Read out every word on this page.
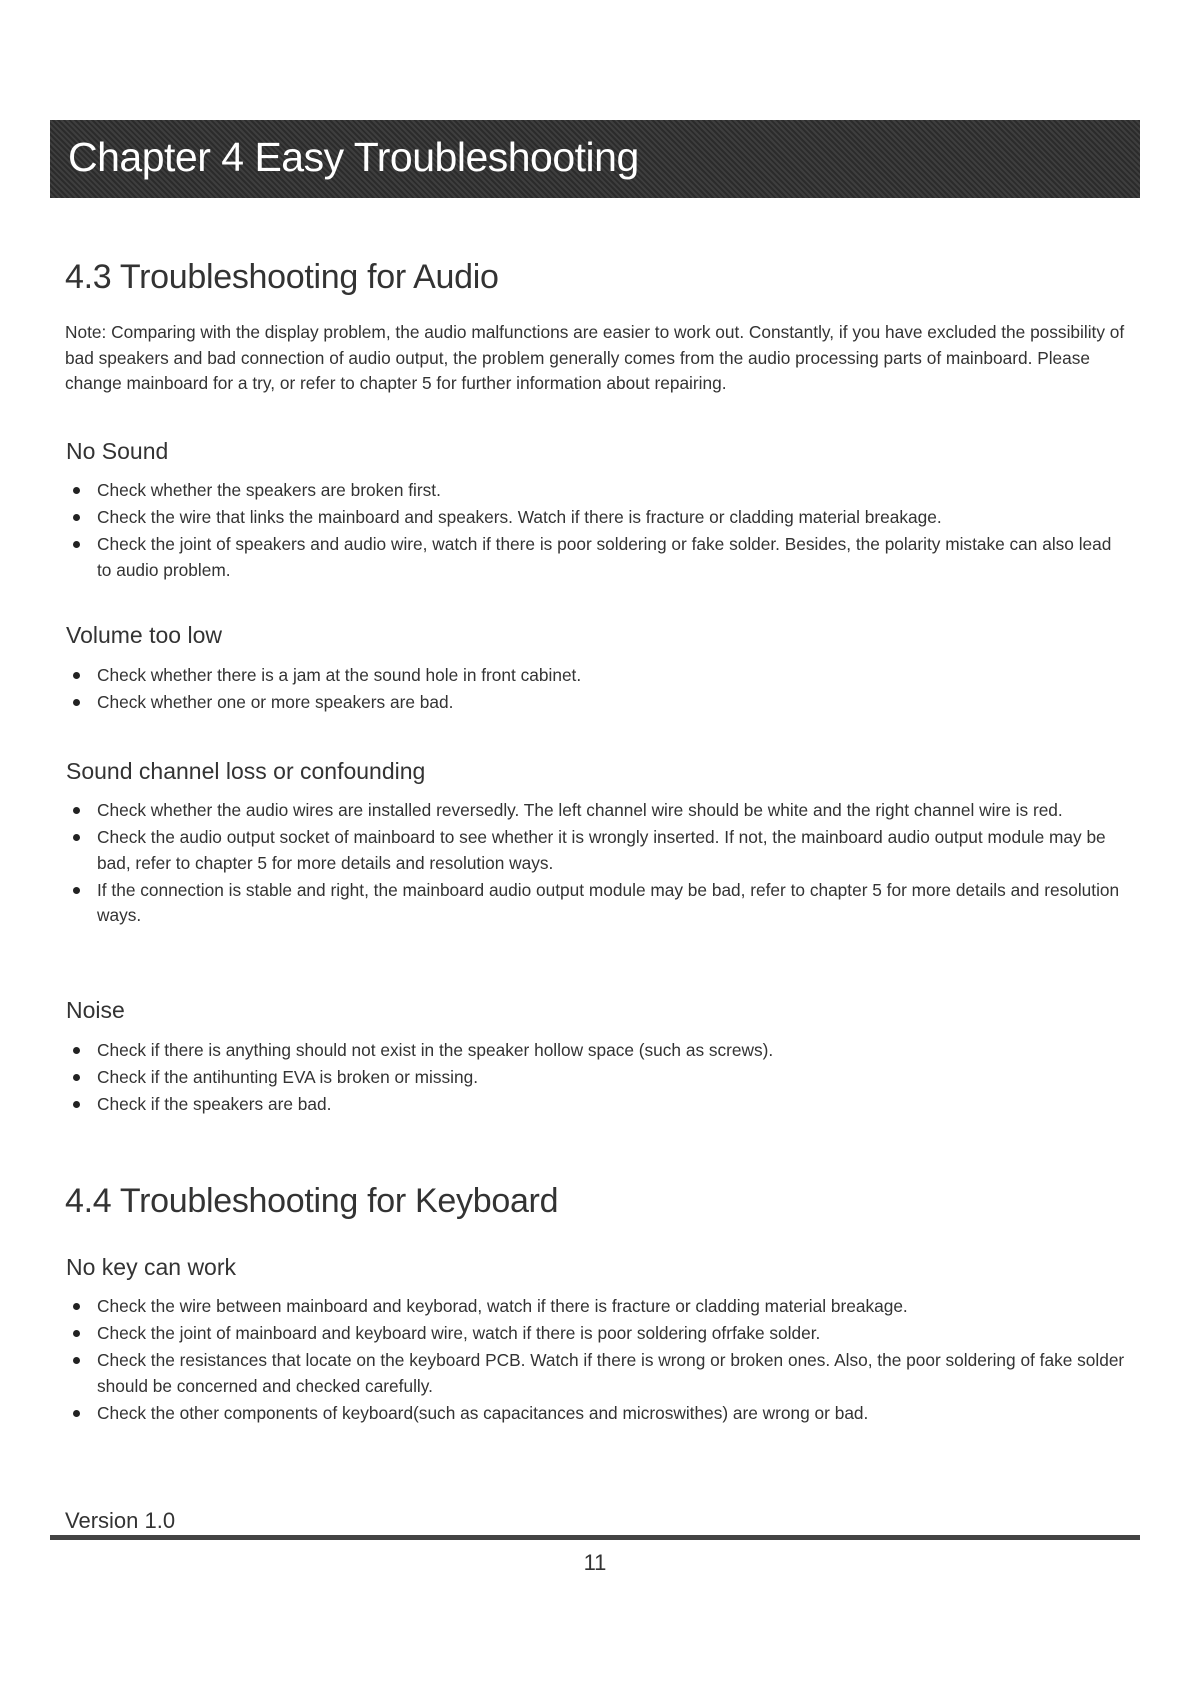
Chapter 4 Easy Troubleshooting
4.3 Troubleshooting for Audio
Note: Comparing with the display problem, the audio malfunctions are easier to work out. Constantly, if you have excluded the possibility of bad speakers and bad connection of audio output, the problem generally comes from the audio processing parts of mainboard. Please change mainboard for a try, or refer to chapter 5 for further information about repairing.
No Sound
Check whether the speakers are broken first.
Check the wire that links the mainboard and speakers. Watch if there is fracture or cladding material breakage.
Check the joint of speakers and audio wire, watch if there is poor soldering or fake solder. Besides, the polarity mistake can also lead to audio problem.
Volume too low
Check whether there is a jam at the sound hole in front cabinet.
Check whether one or more speakers are bad.
Sound channel loss or confounding
Check whether the audio wires are installed reversedly. The left channel wire should be white and the right channel wire is red.
Check the audio output socket of mainboard to see whether it is wrongly inserted. If not, the mainboard audio output module may be bad, refer to chapter 5 for more details and resolution ways.
If the connection is stable and right, the mainboard audio output module may be bad, refer to chapter 5 for more details and resolution ways.
Noise
Check if there is anything should not exist in the speaker hollow space (such as screws).
Check if the antihunting EVA is broken or missing.
Check if the speakers are bad.
4.4 Troubleshooting for Keyboard
No key can work
Check the wire between mainboard and keyborad, watch if there is fracture or cladding material breakage.
Check the joint of mainboard and keyboard wire, watch if there is poor soldering ofrfake solder.
Check the resistances that locate on the keyboard PCB. Watch if there is wrong or broken ones. Also, the poor soldering of fake solder should be concerned and checked carefully.
Check the other components of keyboard(such as capacitances and microswithes) are wrong or bad.
Version 1.0
11
